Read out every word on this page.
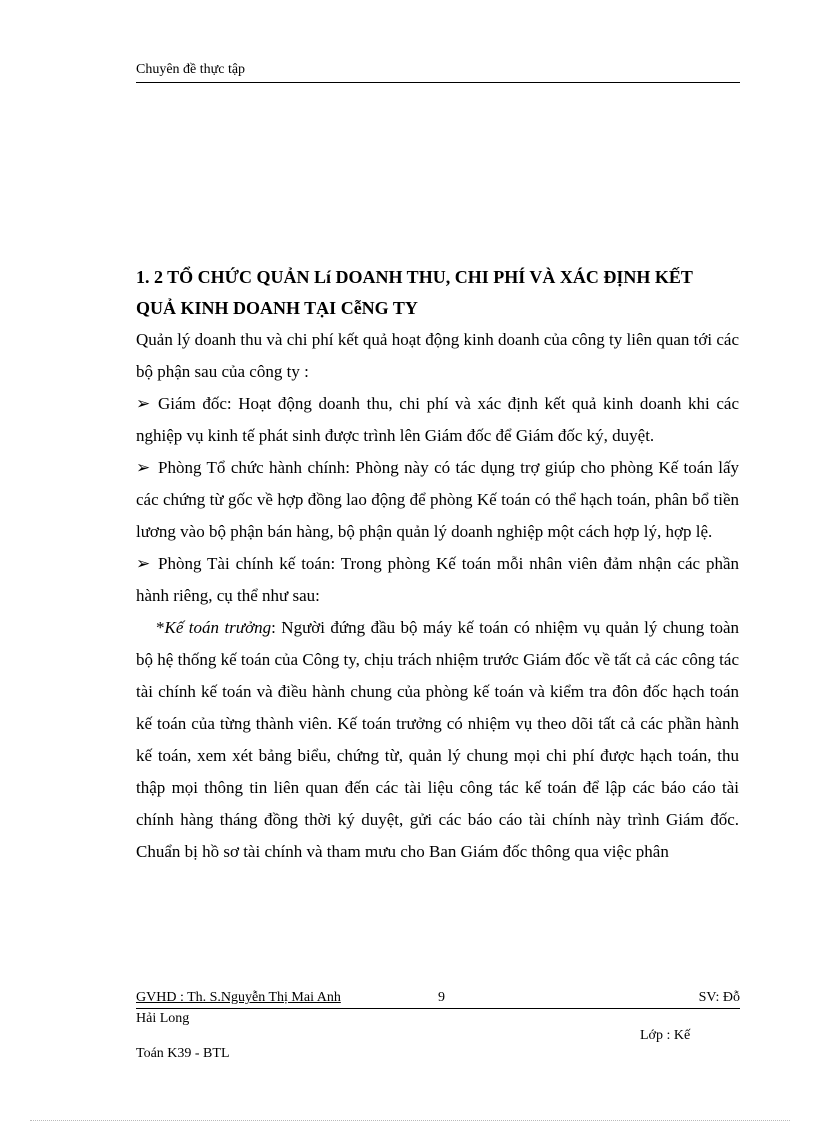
Chuyên đề thực tập

1. 2 TỔ CHỨC QUẢN Lí DOANH THU, CHI PHÍ VÀ XÁC ĐỊNH KẾT
QUẢ KINH DOANH TẠI CễNG TY

Quản lý doanh thu và chi phí kết quả hoạt động kinh doanh của công ty liên quan tới các bộ phận sau của công ty :

➢ Giám đốc: Hoạt động doanh thu, chi phí và xác định kết quả kinh doanh khi các nghiệp vụ kinh tế phát sinh được trình lên Giám đốc để Giám đốc ký, duyệt.

➢ Phòng Tổ chức hành chính: Phòng này có tác dụng trợ giúp cho phòng Kế toán lấy các chứng từ gốc về hợp đồng lao động để phòng Kế toán có thể hạch toán, phân bổ tiền lương vào bộ phận bán hàng, bộ phận quản lý doanh nghiệp một cách hợp lý, hợp lệ.

➢ Phòng Tài chính kế toán: Trong phòng Kế toán mỗi nhân viên đảm nhận các phần hành riêng, cụ thể như sau:

*Kế toán trưởng: Người đứng đầu bộ máy kế toán có nhiệm vụ quản lý chung toàn bộ hệ thống kế toán của Công ty, chịu trách nhiệm trước Giám đốc về tất cả các công tác tài chính kế toán và điều hành chung của phòng kế toán và kiểm tra đôn đốc hạch toán kế toán của từng thành viên. Kế toán trưởng có nhiệm vụ theo dõi tất cả các phần hành kế toán, xem xét bảng biểu, chứng từ, quản lý chung mọi chi phí được hạch toán, thu thập mọi thông tin liên quan đến các tài liệu công tác kế toán để lập các báo cáo tài chính hàng tháng đồng thời ký duyệt, gửi các báo cáo tài chính này trình Giám đốc. Chuẩn bị hồ sơ tài chính và tham mưu cho Ban Giám đốc thông qua việc phân

GVHD : Th. S.Nguyễn Thị Mai Anh	9	SV: Đỗ
Hải Long
Lớp : Kế
Toán K39 - BTL
